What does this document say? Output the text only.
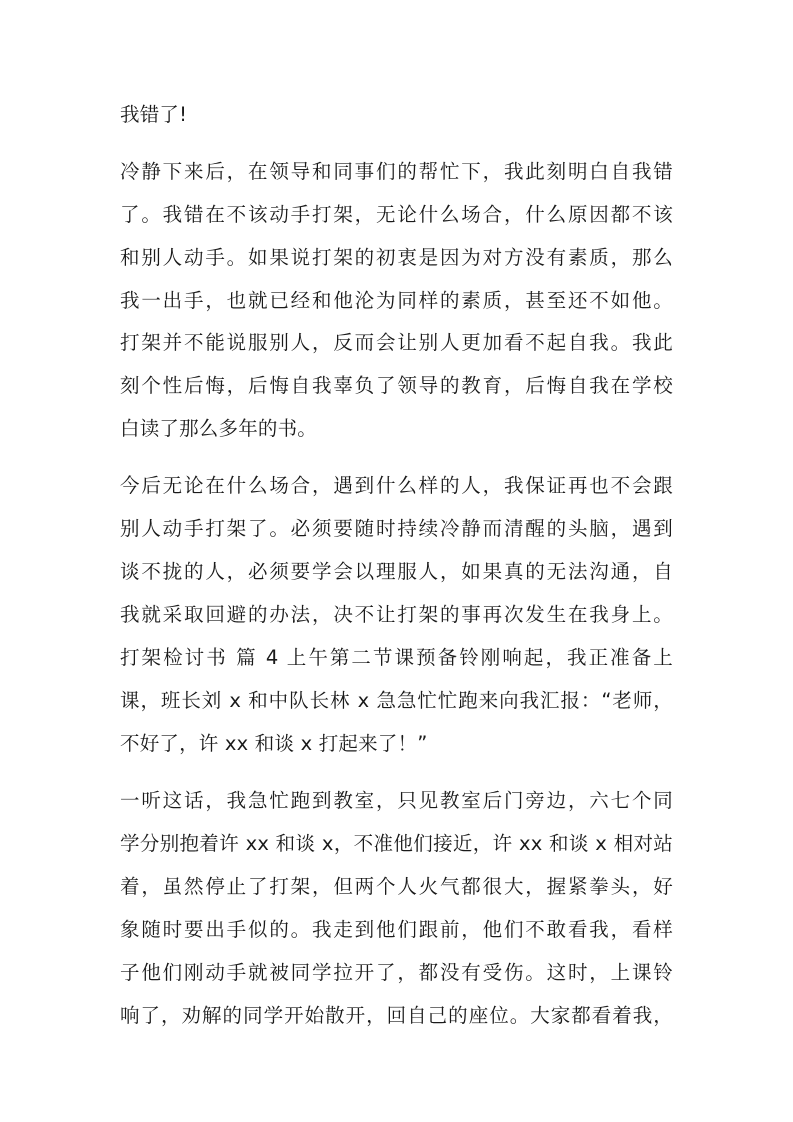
我错了!
冷静下来后，在领导和同事们的帮忙下，我此刻明白自我错
了。我错在不该动手打架，无论什么场合，什么原因都不该
和别人动手。如果说打架的初衷是因为对方没有素质，那么
我一出手，也就已经和他沦为同样的素质，甚至还不如他。
打架并不能说服别人，反而会让别人更加看不起自我。我此
刻个性后悔，后悔自我辜负了领导的教育，后悔自我在学校
白读了那么多年的书。
今后无论在什么场合，遇到什么样的人，我保证再也不会跟
别人动手打架了。必须要随时持续冷静而清醒的头脑，遇到
谈不拢的人，必须要学会以理服人，如果真的无法沟通，自
我就采取回避的办法，决不让打架的事再次发生在我身上。
打架检讨书 篇 4 上午第二节课预备铃刚响起，我正准备上
课，班长刘 x 和中队长林 x 急急忙忙跑来向我汇报：“老师，
不好了，许 xx 和谈 x 打起来了！”
一听这话，我急忙跑到教室，只见教室后门旁边，六七个同
学分别抱着许 xx 和谈 x，不准他们接近，许 xx 和谈 x 相对站
着，虽然停止了打架，但两个人火气都很大，握紧拳头，好
象随时要出手似的。我走到他们跟前，他们不敢看我，看样
子他们刚动手就被同学拉开了，都没有受伤。这时，上课铃
响了，劝解的同学开始散开，回自己的座位。大家都看着我，
